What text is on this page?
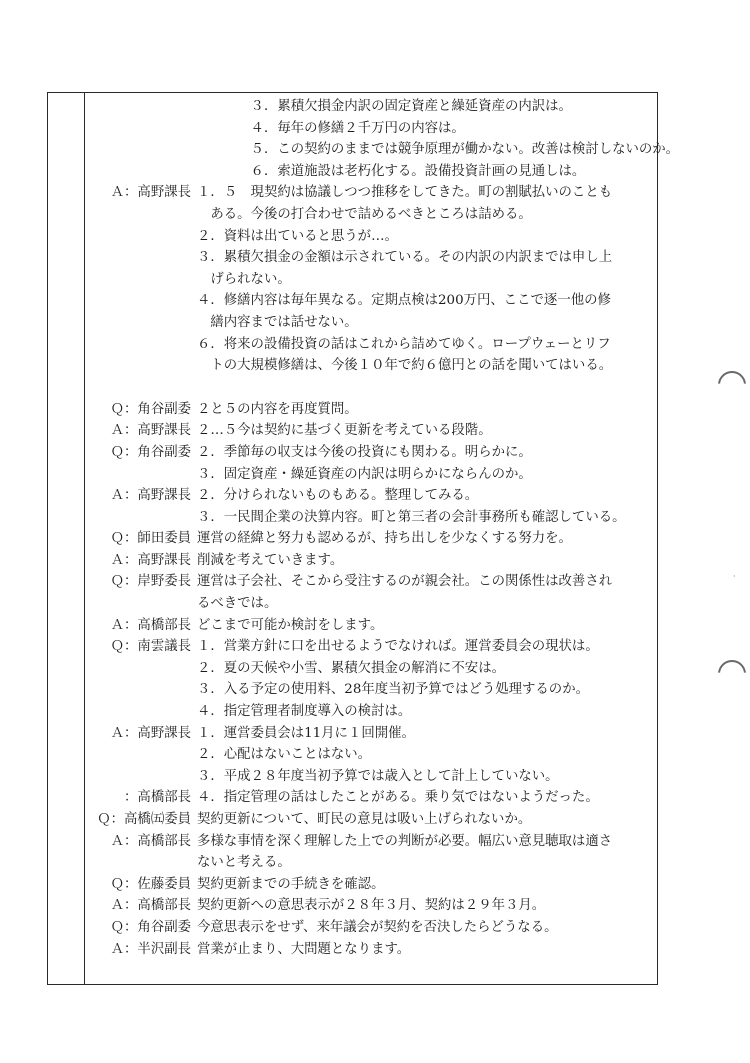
·
　　　　３．累積欠損金内訳の固定資産と繰延資産の内訳は。
　　　　４．毎年の修繕２千万円の内容は。
　　　　５．この契約のままでは競争原理が働かない。改善は検討しないのか。
　　　　６．索道施設は老朽化する。設備投資計画の見通しは。
Ａ：高野課長 １．５　現契約は協議しつつ推移をしてきた。町の割賦払いのことも
　ある。今後の打合わせで詰めるべきところは詰める。
２．資料は出ていると思うが…。
３．累積欠損金の金額は示されている。その内訳の内訳までは申し上
　げられない。
４．修繕内容は毎年異なる。定期点検は200万円、ここで逐一他の修
　繕内容までは話せない。
６．将来の設備投資の話はこれから詰めてゆく。ロープウェーとリフ
　トの大規模修繕は、今後１０年で約６億円との話を聞いてはいる。
Ｑ：角谷副委 ２と５の内容を再度質問。
Ａ：高野課長 ２…５今は契約に基づく更新を考えている段階。
Ｑ：角谷副委 ２．季節毎の収支は今後の投資にも関わる。明らかに。
３．固定資産・繰延資産の内訳は明らかにならんのか。
Ａ：高野課長 ２．分けられないものもある。整理してみる。
３．一民間企業の決算内容。町と第三者の会計事務所も確認している。
Ｑ：師田委員 運営の経緯と努力も認めるが、持ち出しを少なくする努力を。
Ａ：高野課長 削減を考えていきます。
Ｑ：岸野委長 運営は子会社、そこから受注するのが親会社。この関係性は改善され
るべきでは。
Ａ：高橋部長 どこまで可能か検討をします。
Ｑ：南雲議長 １．営業方針に口を出せるようでなければ。運営委員会の現状は。
２．夏の天候や小雪、累積欠損金の解消に不安は。
３．入る予定の使用料、28年度当初予算ではどう処理するのか。
４．指定管理者制度導入の検討は。
Ａ：高野課長 １．運営委員会は11月に１回開催。
２．心配はないことはない。
３．平成２８年度当初予算では歳入として計上していない。
：高橋部長 ４．指定管理の話はしたことがある。乗り気ではないようだった。
Ｑ：高橋㈤委員 契約更新について、町民の意見は吸い上げられないか。
Ａ：高橋部長 多様な事情を深く理解した上での判断が必要。幅広い意見聴取は適さ
ないと考える。
Ｑ：佐藤委員 契約更新までの手続きを確認。
Ａ：高橋部長 契約更新への意思表示が２８年３月、契約は２９年３月。
Ｑ：角谷副委 今意思表示をせず、来年議会が契約を否決したらどうなる。
Ａ：半沢副長 営業が止まり、大問題となります。
